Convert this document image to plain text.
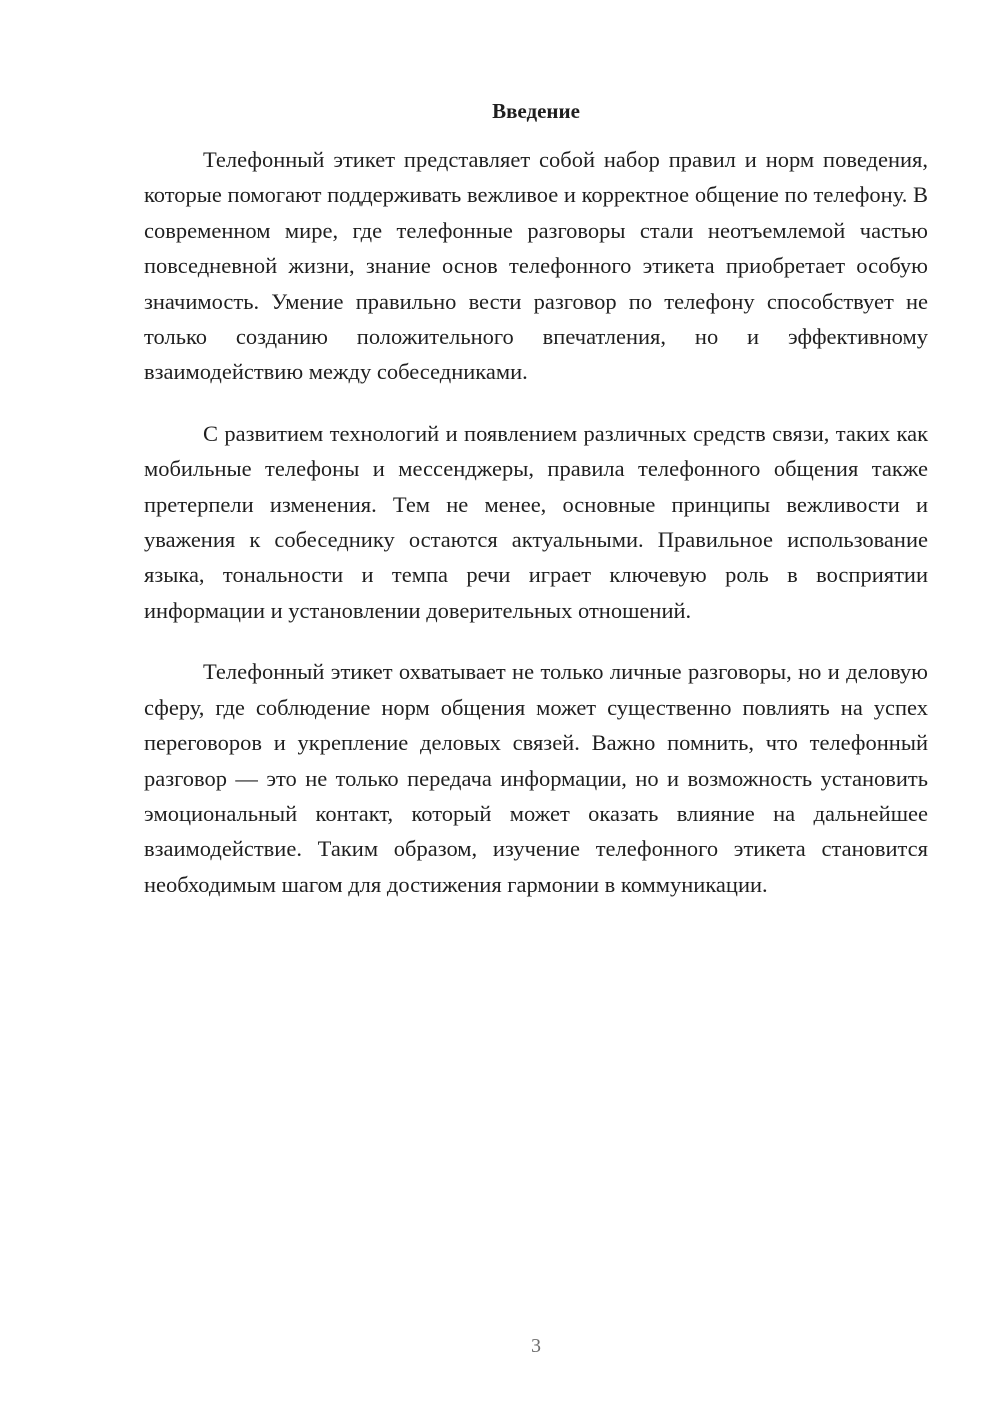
Введение

Телефонный этикет представляет собой набор правил и норм поведения, которые помогают поддерживать вежливое и корректное общение по телефону. В современном мире, где телефонные разговоры стали неотъемлемой частью повседневной жизни, знание основ телефонного этикета приобретает особую значимость. Умение правильно вести разговор по телефону способствует не только созданию положительного впечатления, но и эффективному взаимодействию между собеседниками.

С развитием технологий и появлением различных средств связи, таких как мобильные телефоны и мессенджеры, правила телефонного общения также претерпели изменения. Тем не менее, основные принципы вежливости и уважения к собеседнику остаются актуальными. Правильное использование языка, тональности и темпа речи играет ключевую роль в восприятии информации и установлении доверительных отношений.

Телефонный этикет охватывает не только личные разговоры, но и деловую сферу, где соблюдение норм общения может существенно повлиять на успех переговоров и укрепление деловых связей. Важно помнить, что телефонный разговор — это не только передача информации, но и возможность установить эмоциональный контакт, который может оказать влияние на дальнейшее взаимодействие. Таким образом, изучение телефонного этикета становится необходимым шагом для достижения гармонии в коммуникации.

3
